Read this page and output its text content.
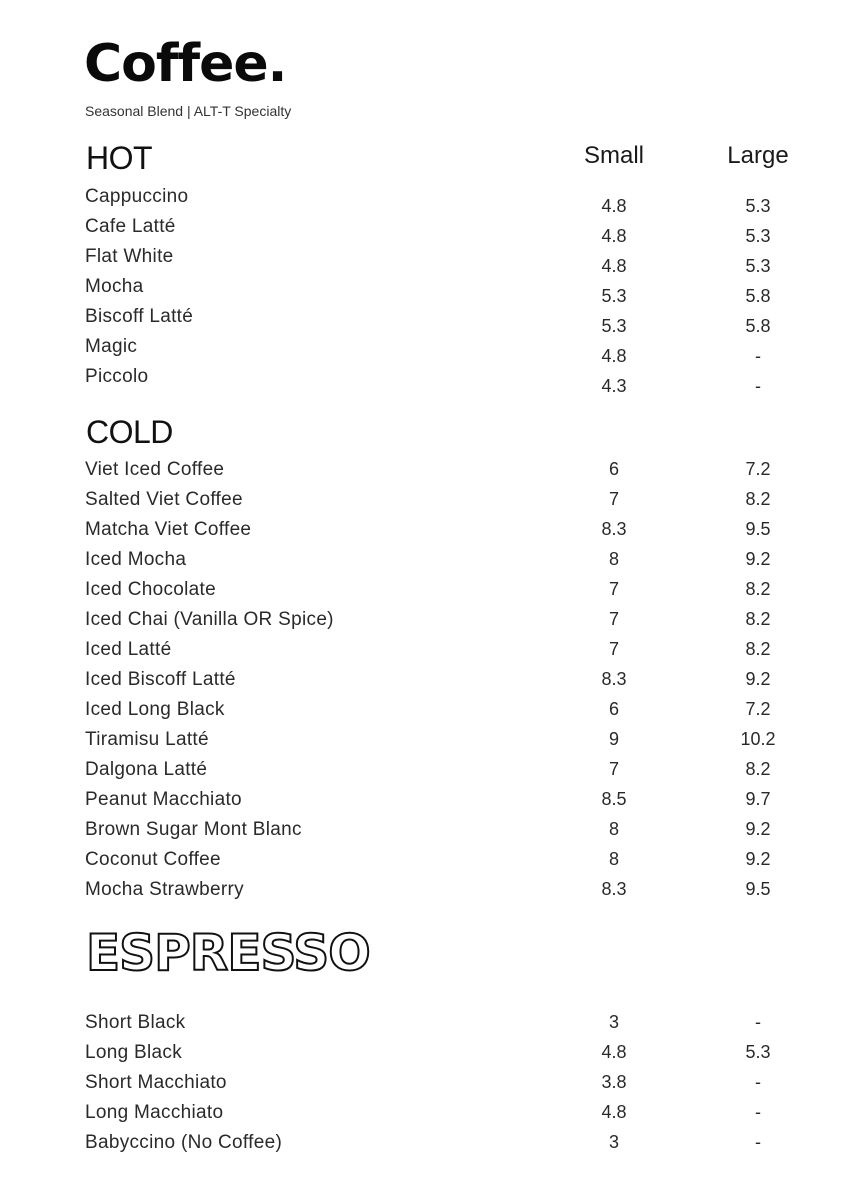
Coffee.
Seasonal Blend | ALT-T Specialty
Small	Large
HOT
Cappuccino	4.8	5.3
Cafe Latté	4.8	5.3
Flat White	4.8	5.3
Mocha	5.3	5.8
Biscoff Latté	5.3	5.8
Magic	4.8	-
Piccolo	4.3	-
COLD
Viet Iced Coffee	6	7.2
Salted Viet Coffee	7	8.2
Matcha Viet Coffee	8.3	9.5
Iced Mocha	8	9.2
Iced Chocolate	7	8.2
Iced Chai (Vanilla OR Spice)	7	8.2
Iced Latté	7	8.2
Iced Biscoff Latté	8.3	9.2
Iced Long Black	6	7.2
Tiramisu Latté	9	10.2
Dalgona Latté	7	8.2
Peanut Macchiato	8.5	9.7
Brown Sugar Mont Blanc	8	9.2
Coconut Coffee	8	9.2
Mocha Strawberry	8.3	9.5
ESPRESSO
Short Black	3	-
Long Black	4.8	5.3
Short Macchiato	3.8	-
Long Macchiato	4.8	-
Babyccino (No Coffee)	3	-
